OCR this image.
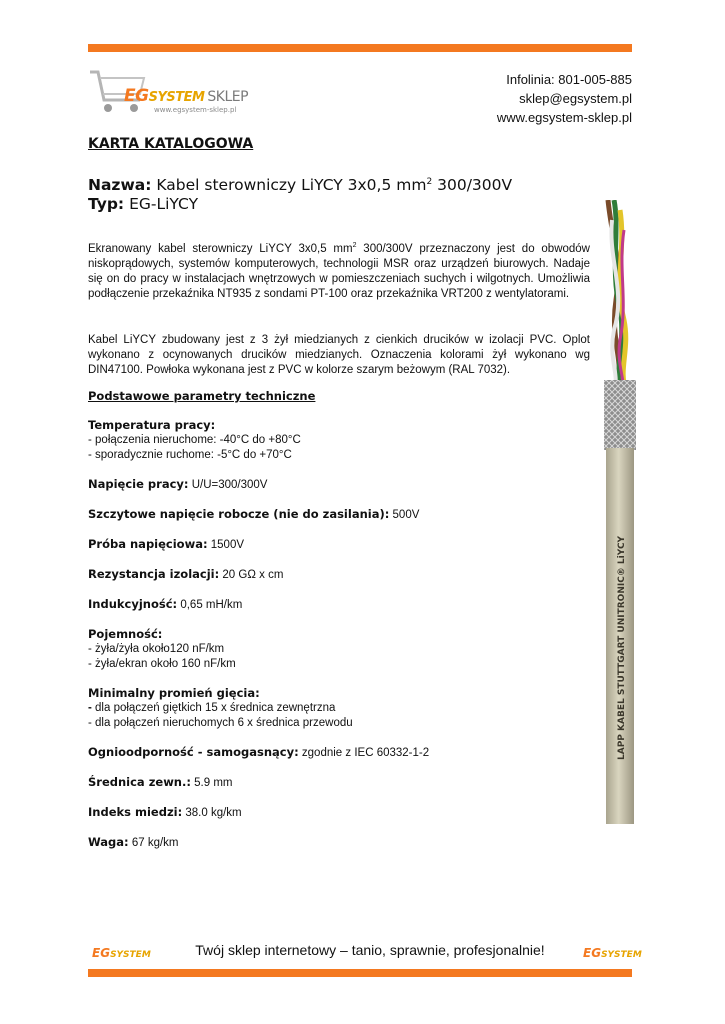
EGSYSTEM SKLEP
www.egsystem-sklep.pl
Infolinia: 801-005-885
sklep@egsystem.pl
www.egsystem-sklep.pl
KARTA KATALOGOWA
Nazwa: Kabel sterowniczy LiYCY 3x0,5 $mm^2$ 300/300V
Typ: EG-LiYCY
Ekranowany kabel sterowniczy LiYCY 3x0,5 $mm^2$ 300/300V przeznaczony jest do obwodów niskoprądowych, systemów komputerowych, technologii MSR oraz urządzeń biurowych. Nadaje się on do pracy w instalacjach wnętrzowych w pomieszczeniach suchych i wilgotnych. Umożliwia podłączenie przekaźnika NT935 z sondami PT-100 oraz przekaźnika VRT200 z wentylatorami.
Kabel LiYCY zbudowany jest z 3 żył miedzianych z cienkich drucików w izolacji PVC. Oplot wykonano z ocynowanych drucików miedzianych. Oznaczenia kolorami żył wykonano wg DIN47100. Powłoka wykonana jest z PVC w kolorze szarym beżowym (RAL 7032).
Podstawowe parametry techniczne
Temperatura pracy:
- połączenia nieruchome: -40°C do +80°C
- sporadycznie ruchome: -5°C do +70°C
Napięcie pracy: U/U=300/300V
Szczytowe napięcie robocze (nie do zasilania): 500V
Próba napięciowa: 1500V
Rezystancja izolacji: 20 GΩ x cm
Indukcyjność: 0,65 mH/km
Pojemność:
- żyła/żyła około120 nF/km
- żyła/ekran około 160 nF/km
Minimalny promień gięcia:
- dla połączeń giętkich 15 x średnica zewnętrzna
- dla połączeń nieruchomych 6 x średnica przewodu
Ognioodporność - samogasnący: zgodnie z IEC 60332-1-2
Średnica zewn.: 5.9 mm
Indeks miedzi: 38.0 kg/km
Waga: 67 kg/km
LAPP KABEL STUTTGART UNITRONIC® LiYCY
EGSYSTEM	Twój sklep internetowy – tanio, sprawnie, profesjonalnie!	EGSYSTEM
